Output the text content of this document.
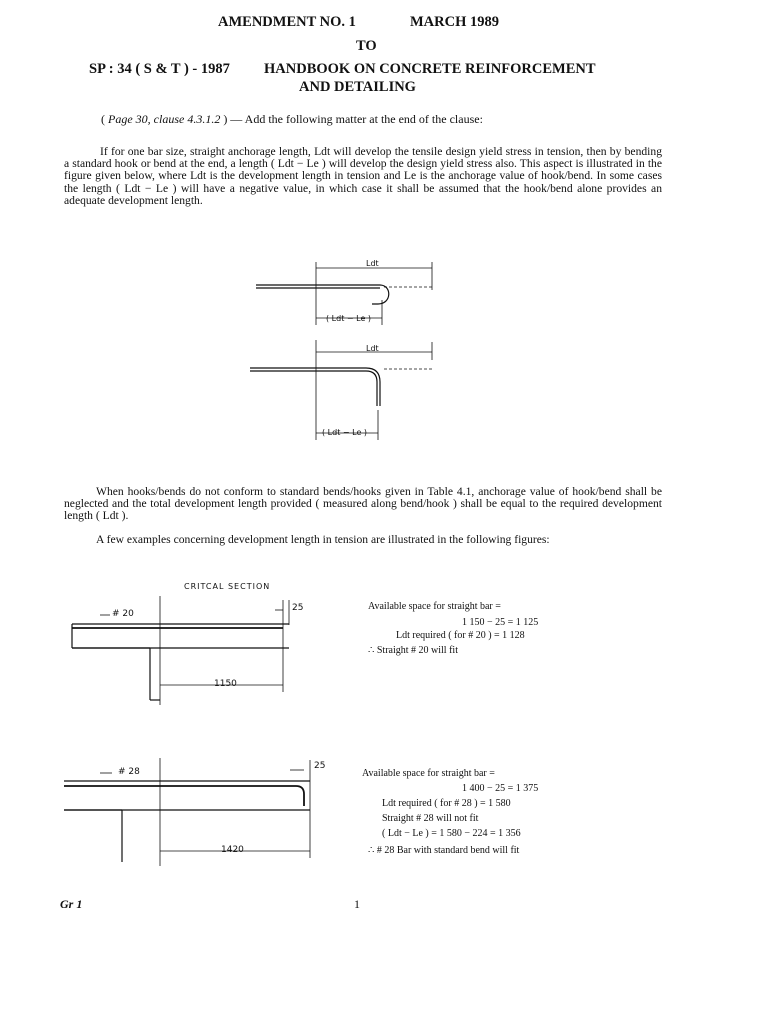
AMENDMENT NO. 1	MARCH 1989
TO
SP : 34 ( S & T ) - 1987 HANDBOOK ON CONCRETE REINFORCEMENT
AND DETAILING
( Page 30, clause 4.3.1.2 ) — Add the following matter at the end of the clause:
If for one bar size, straight anchorage length, Ldt will develop the tensile design yield stress in tension, then by bending a standard hook or bend at the end, a length ( Ldt − Le ) will develop the design yield stress also. This aspect is illustrated in the figure given below, where Ldt is the development length in tension and Le is the anchorage value of hook/bend. In some cases the length ( Ldt − Le ) will have a negative value, in which case it shall be assumed that the hook/bend alone provides an adequate development length.
Ldt
( Ldt − Le )
Ldt
( Ldt − Le )
When hooks/bends do not conform to standard bends/hooks given in Table 4.1, anchorage value of hook/bend shall be neglected and the total development length provided ( measured along bend/hook ) shall be equal to the required development length ( Ldt ).
A few examples concerning development length in tension are illustrated in the following figures:
CRITCAL SECTION
# 20
25
1150
Available space for straight bar =
1 150 − 25 = 1 125
Ldt required ( for # 20 ) = 1 128
∴ Straight # 20 will fit
# 28
25
1420
Available space for straight bar =
1 400 − 25 = 1 375
Ldt required ( for # 28 ) = 1 580
Straight # 28 will not fit
( Ldt − Le ) = 1 580 − 224 = 1 356
∴ # 28 Bar with standard bend will fit
Gr 1	1
